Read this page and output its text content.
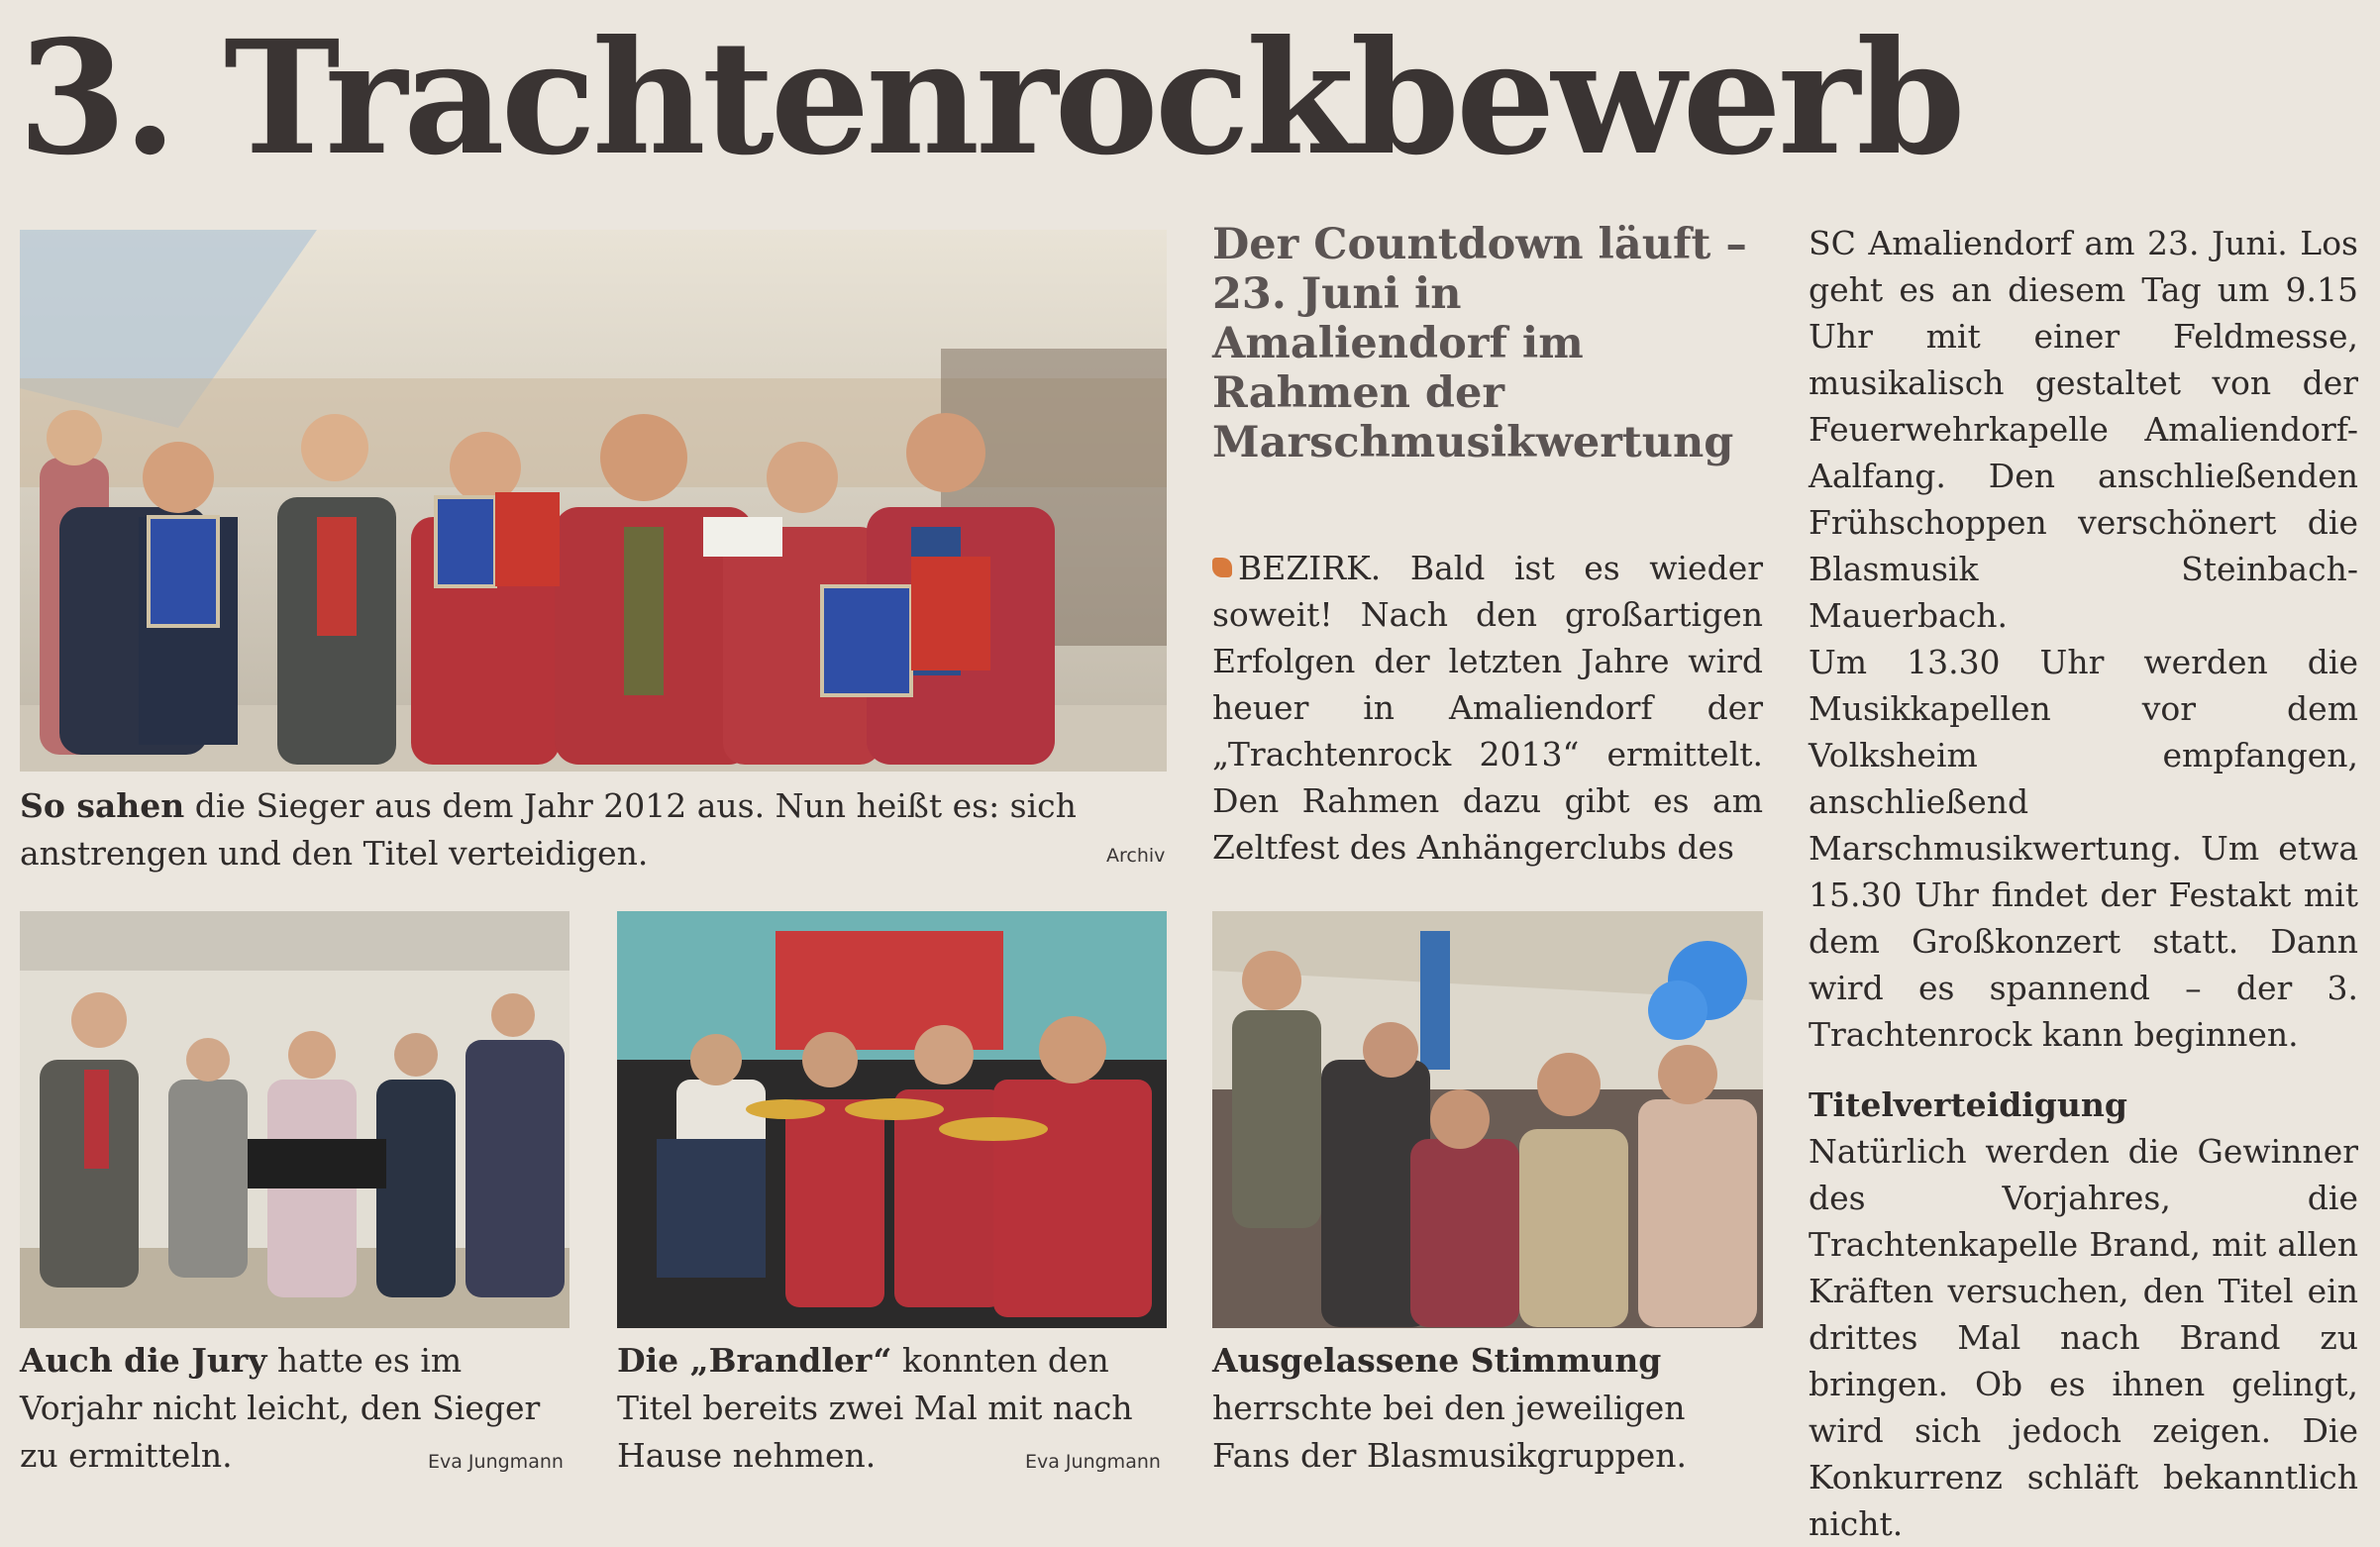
3. Trachtenrockbewerb
So sahen die Sieger aus dem Jahr 2012 aus. Nun heißt es: sich anstrengen und den Titel verteidigen.	Archiv
Auch die Jury hatte es im Vorjahr nicht leicht, den Sieger zu ermitteln.	Eva Jungmann
Die „Brandler“ konnten den Titel bereits zwei Mal mit nach Hause nehmen.	Eva Jungmann
Ausgelassene Stimmung herrschte bei den jeweiligen Fans der Blasmusikgruppen.
Der Countdown läuft – 23. Juni in Amaliendorf im Rahmen der Marschmusikwertung

BEZIRK. Bald ist es wieder soweit! Nach den großartigen Erfolgen der letzten Jahre wird heuer in Amaliendorf der „Trachtenrock 2013“ ermittelt. Den Rahmen dazu gibt es am Zeltfest des Anhängerclubs des

SC Amaliendorf am 23. Juni. Los geht es an diesem Tag um 9.15 Uhr mit einer Feldmesse, musikalisch gestaltet von der Feuerwehrkapelle Amaliendorf-Aalfang. Den anschließenden Frühschoppen verschönert die Blasmusik Steinbach-Mauerbach.

Um 13.30 Uhr werden die Musikkapellen vor dem Volksheim empfangen, anschließend Marschmusikwertung. Um etwa 15.30 Uhr findet der Festakt mit dem Großkonzert statt. Dann wird es spannend – der 3. Trachtenrock kann beginnen.

Titelverteidigung

Natürlich werden die Gewinner des Vorjahres, die Trachtenkapelle Brand, mit allen Kräften versuchen, den Titel ein drittes Mal nach Brand zu bringen. Ob es ihnen gelingt, wird sich jedoch zeigen. Die Konkurrenz schläft bekanntlich nicht.
